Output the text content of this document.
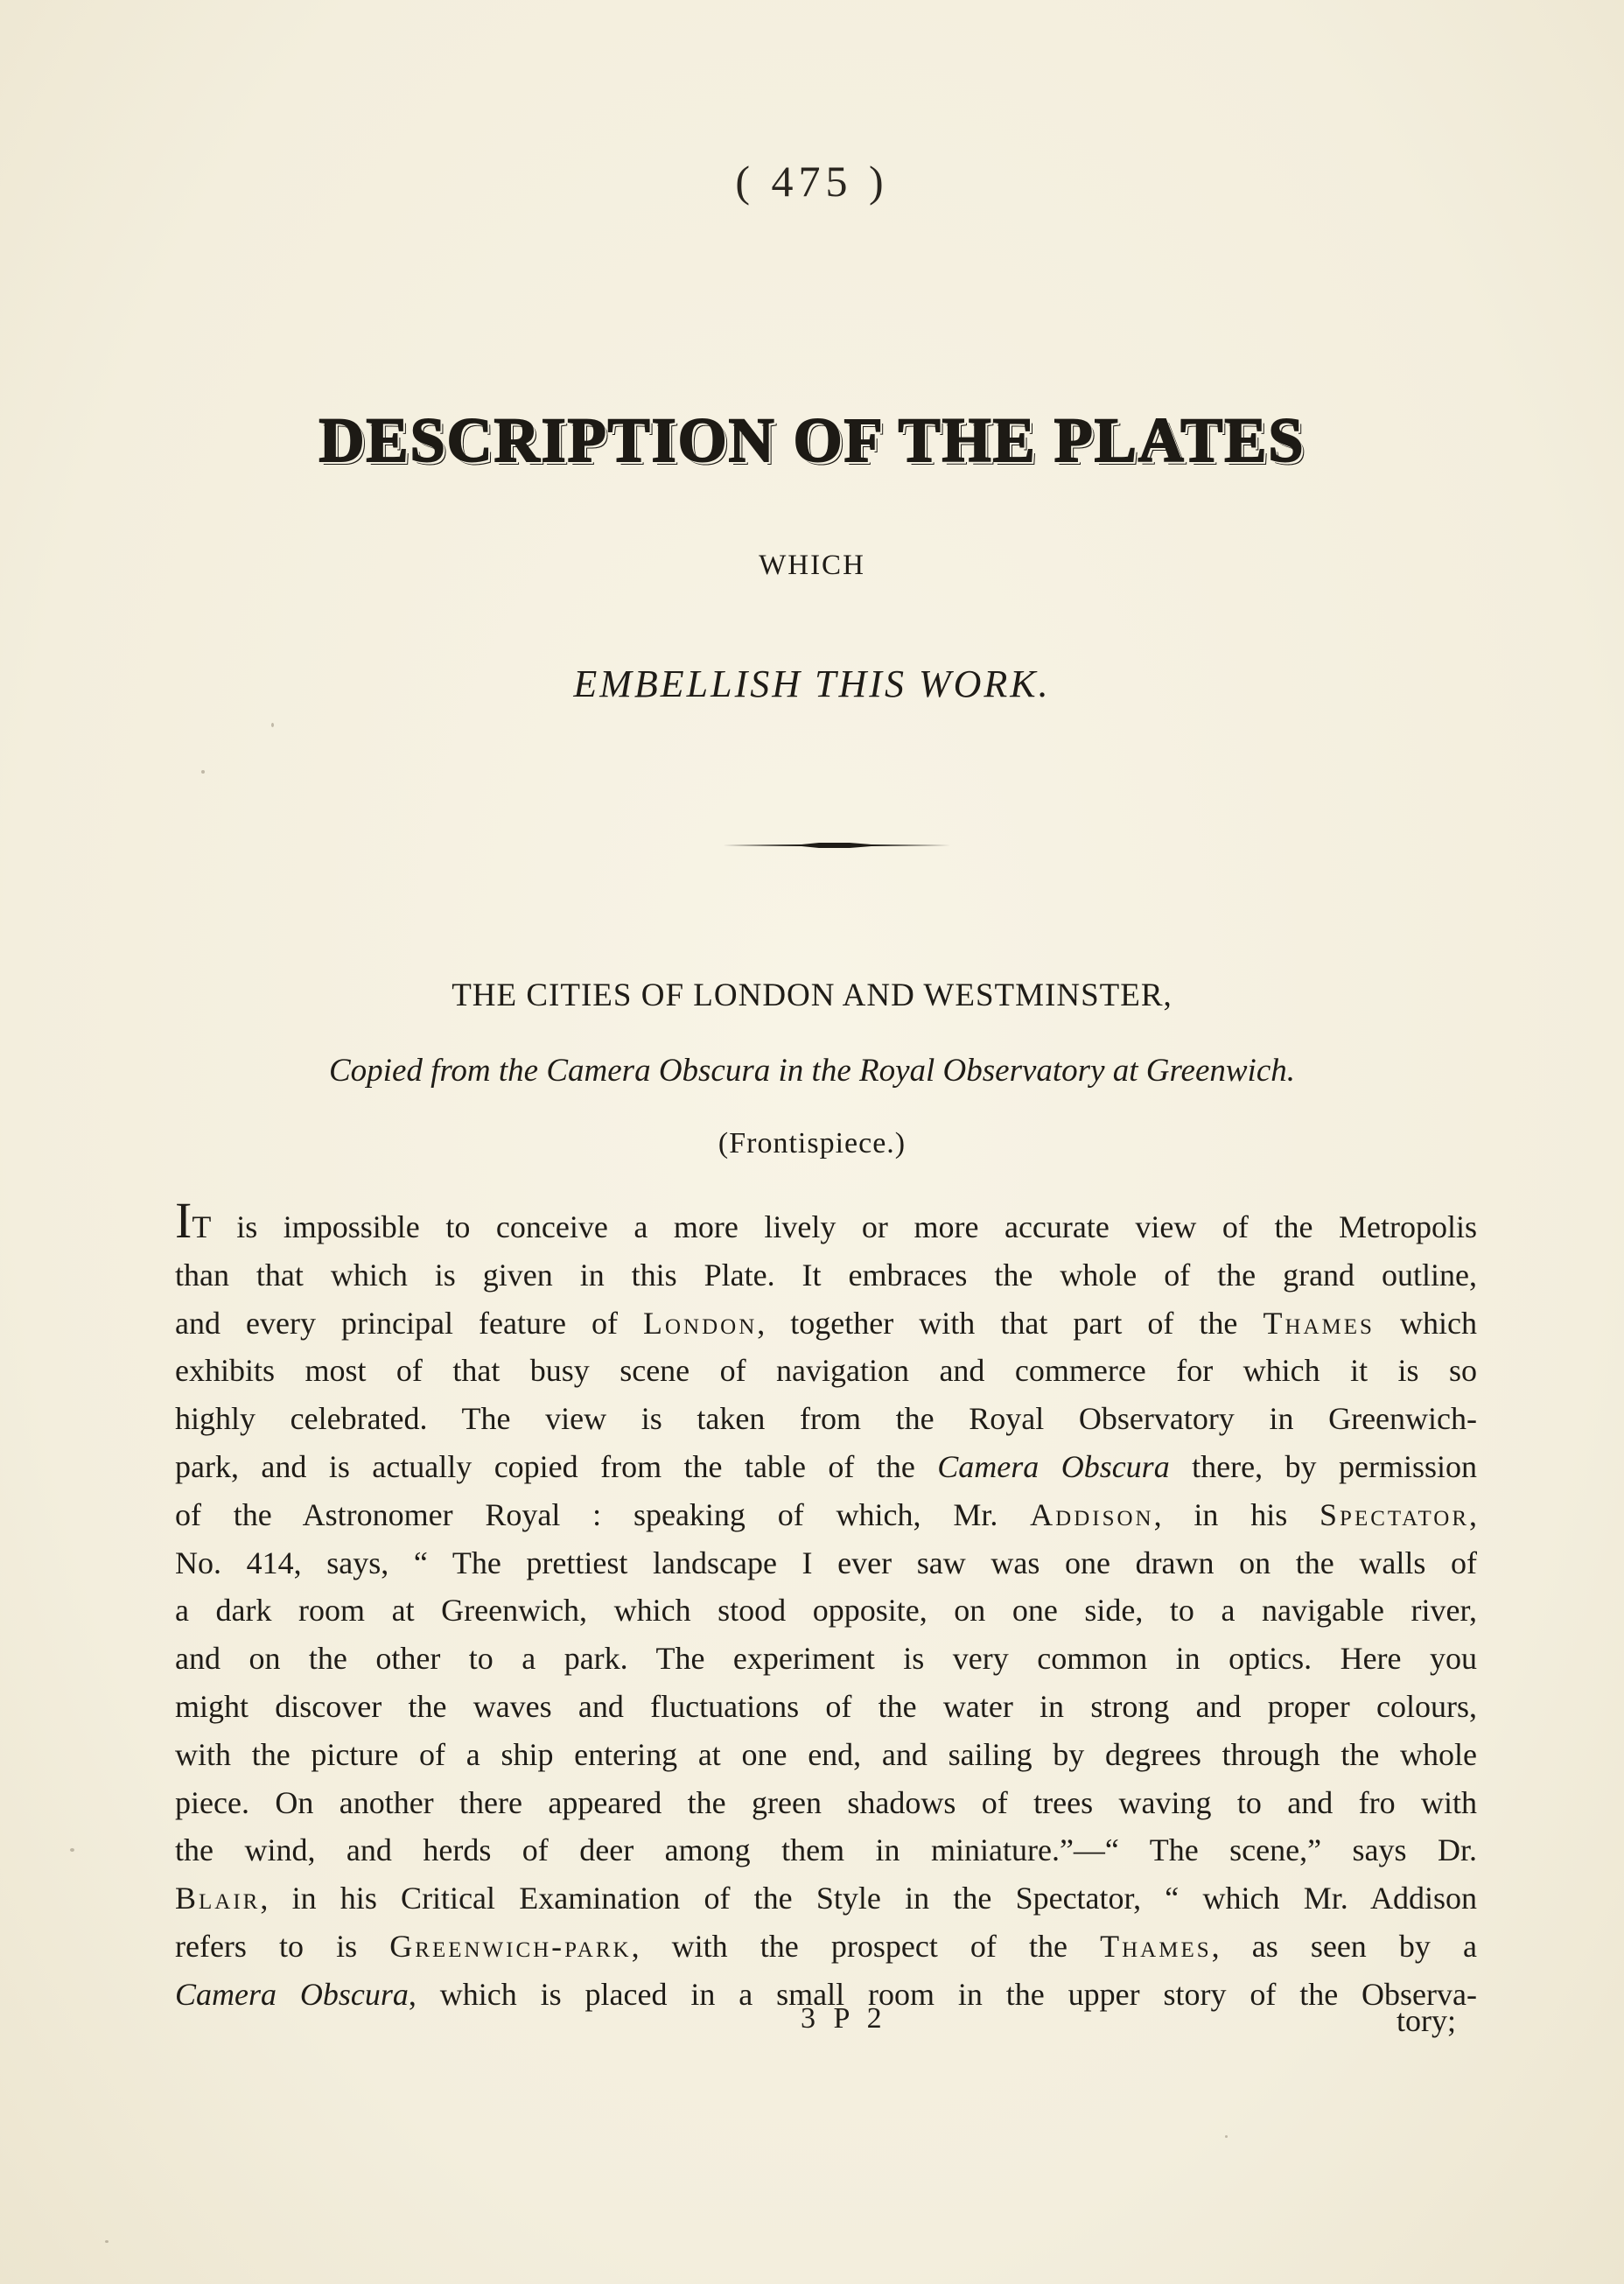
( 475 )
DESCRIPTION OF THE PLATES
WHICH
EMBELLISH THIS WORK.
THE CITIES OF LONDON AND WESTMINSTER,
Copied from the Camera Obscura in the Royal Observatory at Greenwich.
(Frontispiece.)
IT is impossible to conceive a more lively or more accurate view of the Metropolis
than that which is given in this Plate. It embraces the whole of the grand outline,
and every principal feature of London, together with that part of the Thames which
exhibits most of that busy scene of navigation and commerce for which it is so
highly celebrated. The view is taken from the Royal Observatory in Greenwich-
park, and is actually copied from the table of the Camera Obscura there, by permission
of the Astronomer Royal : speaking of which, Mr. Addison, in his Spectator,
No. 414, says, “ The prettiest landscape I ever saw was one drawn on the walls of
a dark room at Greenwich, which stood opposite, on one side, to a navigable river,
and on the other to a park. The experiment is very common in optics. Here you
might discover the waves and fluctuations of the water in strong and proper colours,
with the picture of a ship entering at one end, and sailing by degrees through the whole
piece. On another there appeared the green shadows of trees waving to and fro with
the wind, and herds of deer among them in miniature.”—“ The scene,” says Dr.
Blair, in his Critical Examination of the Style in the Spectator, “ which Mr. Addison
refers to is Greenwich-park, with the prospect of the Thames, as seen by a
Camera Obscura, which is placed in a small room in the upper story of the Observa-
3 P 2	tory;
